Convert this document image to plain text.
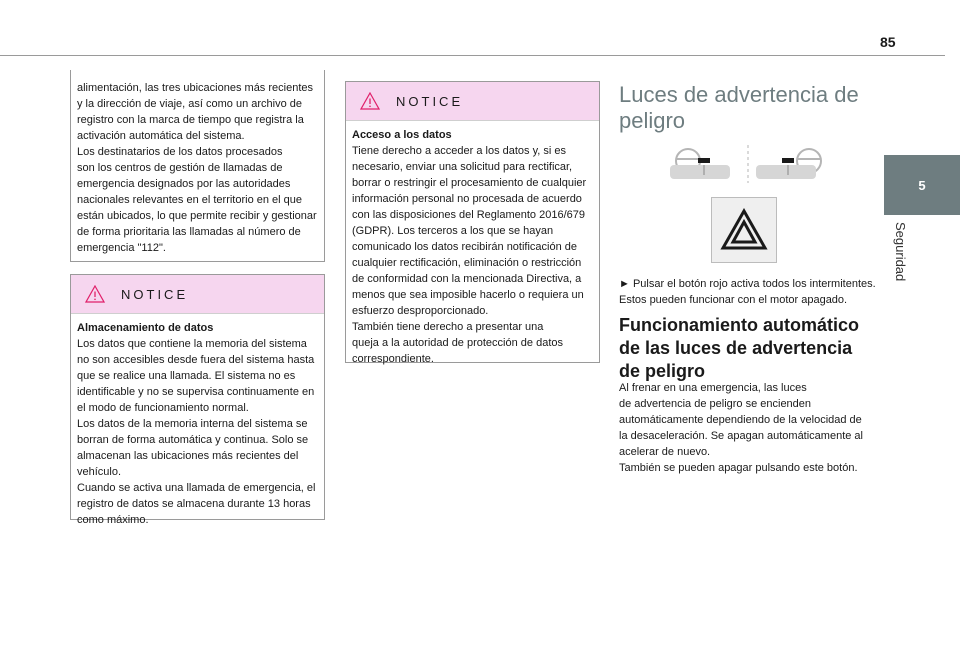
85
5
Seguridad
alimentación, las tres ubicaciones más recientes
y la dirección de viaje, así como un archivo de
registro con la marca de tiempo que registra la
activación automática del sistema.
Los destinatarios de los datos procesados
son los centros de gestión de llamadas de
emergencia designados por las autoridades
nacionales relevantes en el territorio en el que
están ubicados, lo que permite recibir y gestionar
de forma prioritaria las llamadas al número de
emergencia "112".
NOTICE
Almacenamiento de datos
Los datos que contiene la memoria del sistema
no son accesibles desde fuera del sistema hasta
que se realice una llamada. El sistema no es
identificable y no se supervisa continuamente en
el modo de funcionamiento normal.
Los datos de la memoria interna del sistema se
borran de forma automática y continua. Solo se
almacenan las ubicaciones más recientes del
vehículo.
Cuando se activa una llamada de emergencia, el
registro de datos se almacena durante 13 horas
como máximo.
NOTICE
Acceso a los datos
Tiene derecho a acceder a los datos y, si es
necesario, enviar una solicitud para rectificar,
borrar o restringir el procesamiento de cualquier
información personal no procesada de acuerdo
con las disposiciones del Reglamento 2016/679
(GDPR). Los terceros a los que se hayan
comunicado los datos recibirán notificación de
cualquier rectificación, eliminación o restricción
de conformidad con la mencionada Directiva, a
menos que sea imposible hacerlo o requiera un
esfuerzo desproporcionado.
También tiene derecho a presentar una
queja a la autoridad de protección de datos
correspondiente.
Luces de advertencia de peligro
► Pulsar el botón rojo activa todos los intermitentes.
Estos pueden funcionar con el motor apagado.
Funcionamiento automático de las luces de advertencia de peligro
Al frenar en una emergencia, las luces
de advertencia de peligro se encienden
automáticamente dependiendo de la velocidad de
la desaceleración. Se apagan automáticamente al
acelerar de nuevo.
También se pueden apagar pulsando este botón.
